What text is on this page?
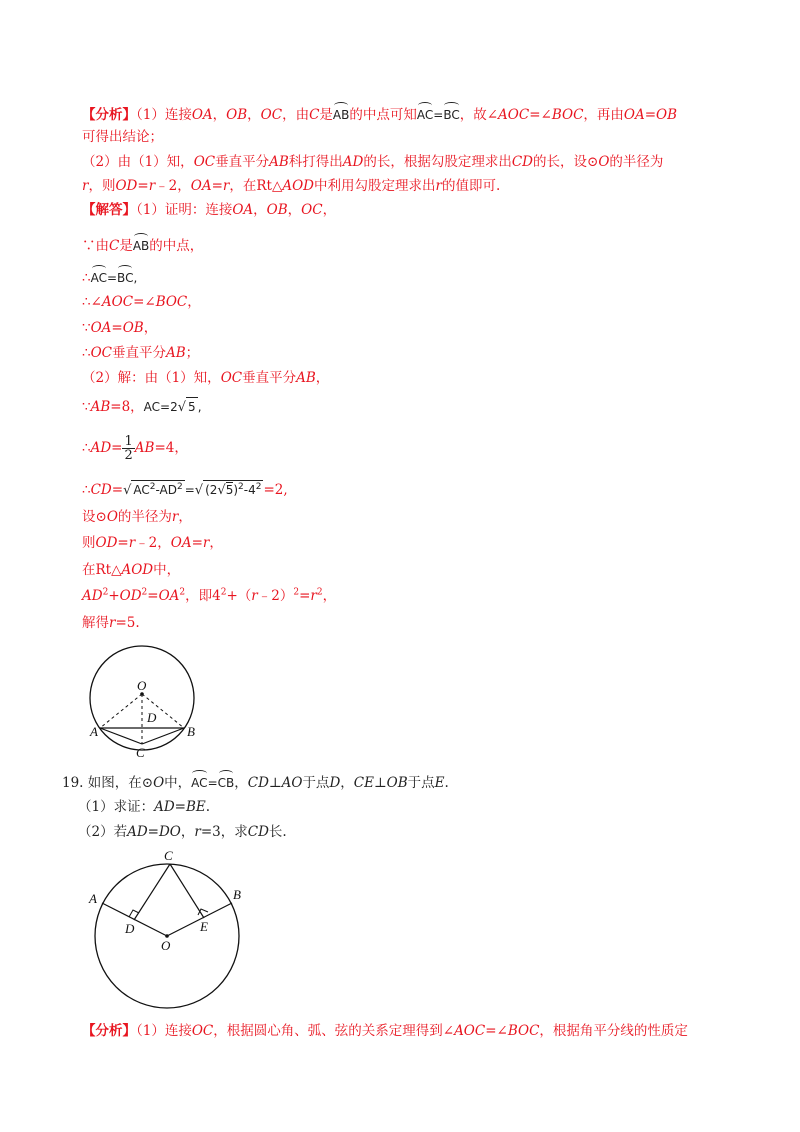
【分析】（1）连接OA，OB，OC，由C是AB的中点可知AC=BC，故∠AOC=∠BOC，再由OA=OB
可得出结论；
（2）由（1）知，OC垂直平分AB科打得出AD的长，根据勾股定理求出CD的长，设⊙O的半径为
r，则OD=r﹣2，OA=r，在Rt△AOD中利用勾股定理求出r的值即可.
【解答】（1）证明：连接OA，OB，OC，
∵由C是AB的中点，
∴AC=BC,
∴∠AOC=∠BOC，
∵OA=OB，
∴OC垂直平分AB；
（2）解：由（1）知，OC垂直平分AB，
∵AB=8，AC=2√ 5 ,
∴AD= $\frac{1}{2} AB=4$，
∴CD=√ $AC^2-AD^2$ =√ $(2√5)^2-4^2 =2$,
设⊙O的半径为r，
则OD=r﹣2，OA=r，
在Rt△AOD中，
$AD^2+OD^2=OA^2$，即$4^2+(r﹣2)^2=r^2$，
解得r=5.
O
D
A	B
C
19. 如图，在⊙O中，AC=CB，CD⊥AO于点D，CE⊥OB于点E.
（1）求证：AD=BE.
（2）若AD=DO，r=3，求CD长.
C
A	B
D	E
O
【分析】（1）连接OC，根据圆心角、弧、弦的关系定理得到∠AOC=∠BOC，根据角平分线的性质定
